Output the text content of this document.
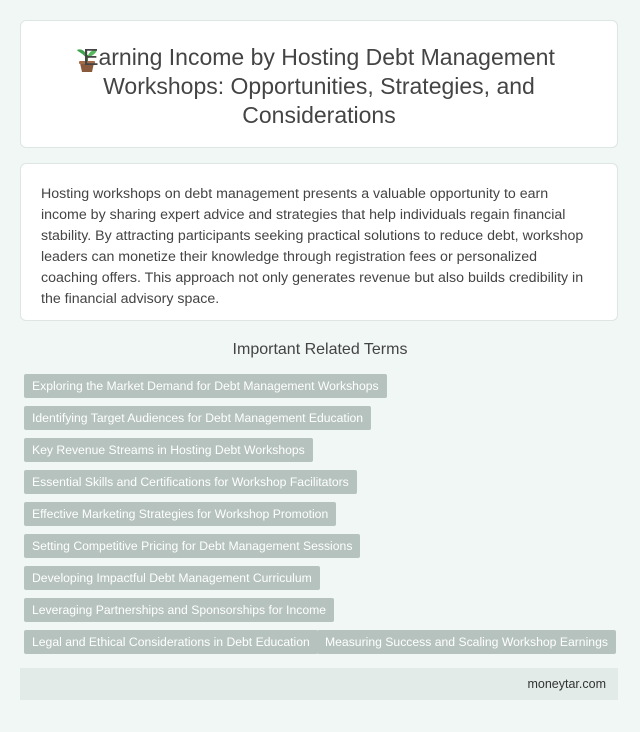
Earning Income by Hosting Debt Management Workshops: Opportunities, Strategies, and Considerations
Hosting workshops on debt management presents a valuable opportunity to earn income by sharing expert advice and strategies that help individuals regain financial stability. By attracting participants seeking practical solutions to reduce debt, workshop leaders can monetize their knowledge through registration fees or personalized coaching offers. This approach not only generates revenue but also builds credibility in the financial advisory space.
Important Related Terms
Exploring the Market Demand for Debt Management Workshops
Identifying Target Audiences for Debt Management Education
Key Revenue Streams in Hosting Debt Workshops
Essential Skills and Certifications for Workshop Facilitators
Effective Marketing Strategies for Workshop Promotion
Setting Competitive Pricing for Debt Management Sessions
Developing Impactful Debt Management Curriculum
Leveraging Partnerships and Sponsorships for Income
Legal and Ethical Considerations in Debt Education	Measuring Success and Scaling Workshop Earnings
moneytar.com
